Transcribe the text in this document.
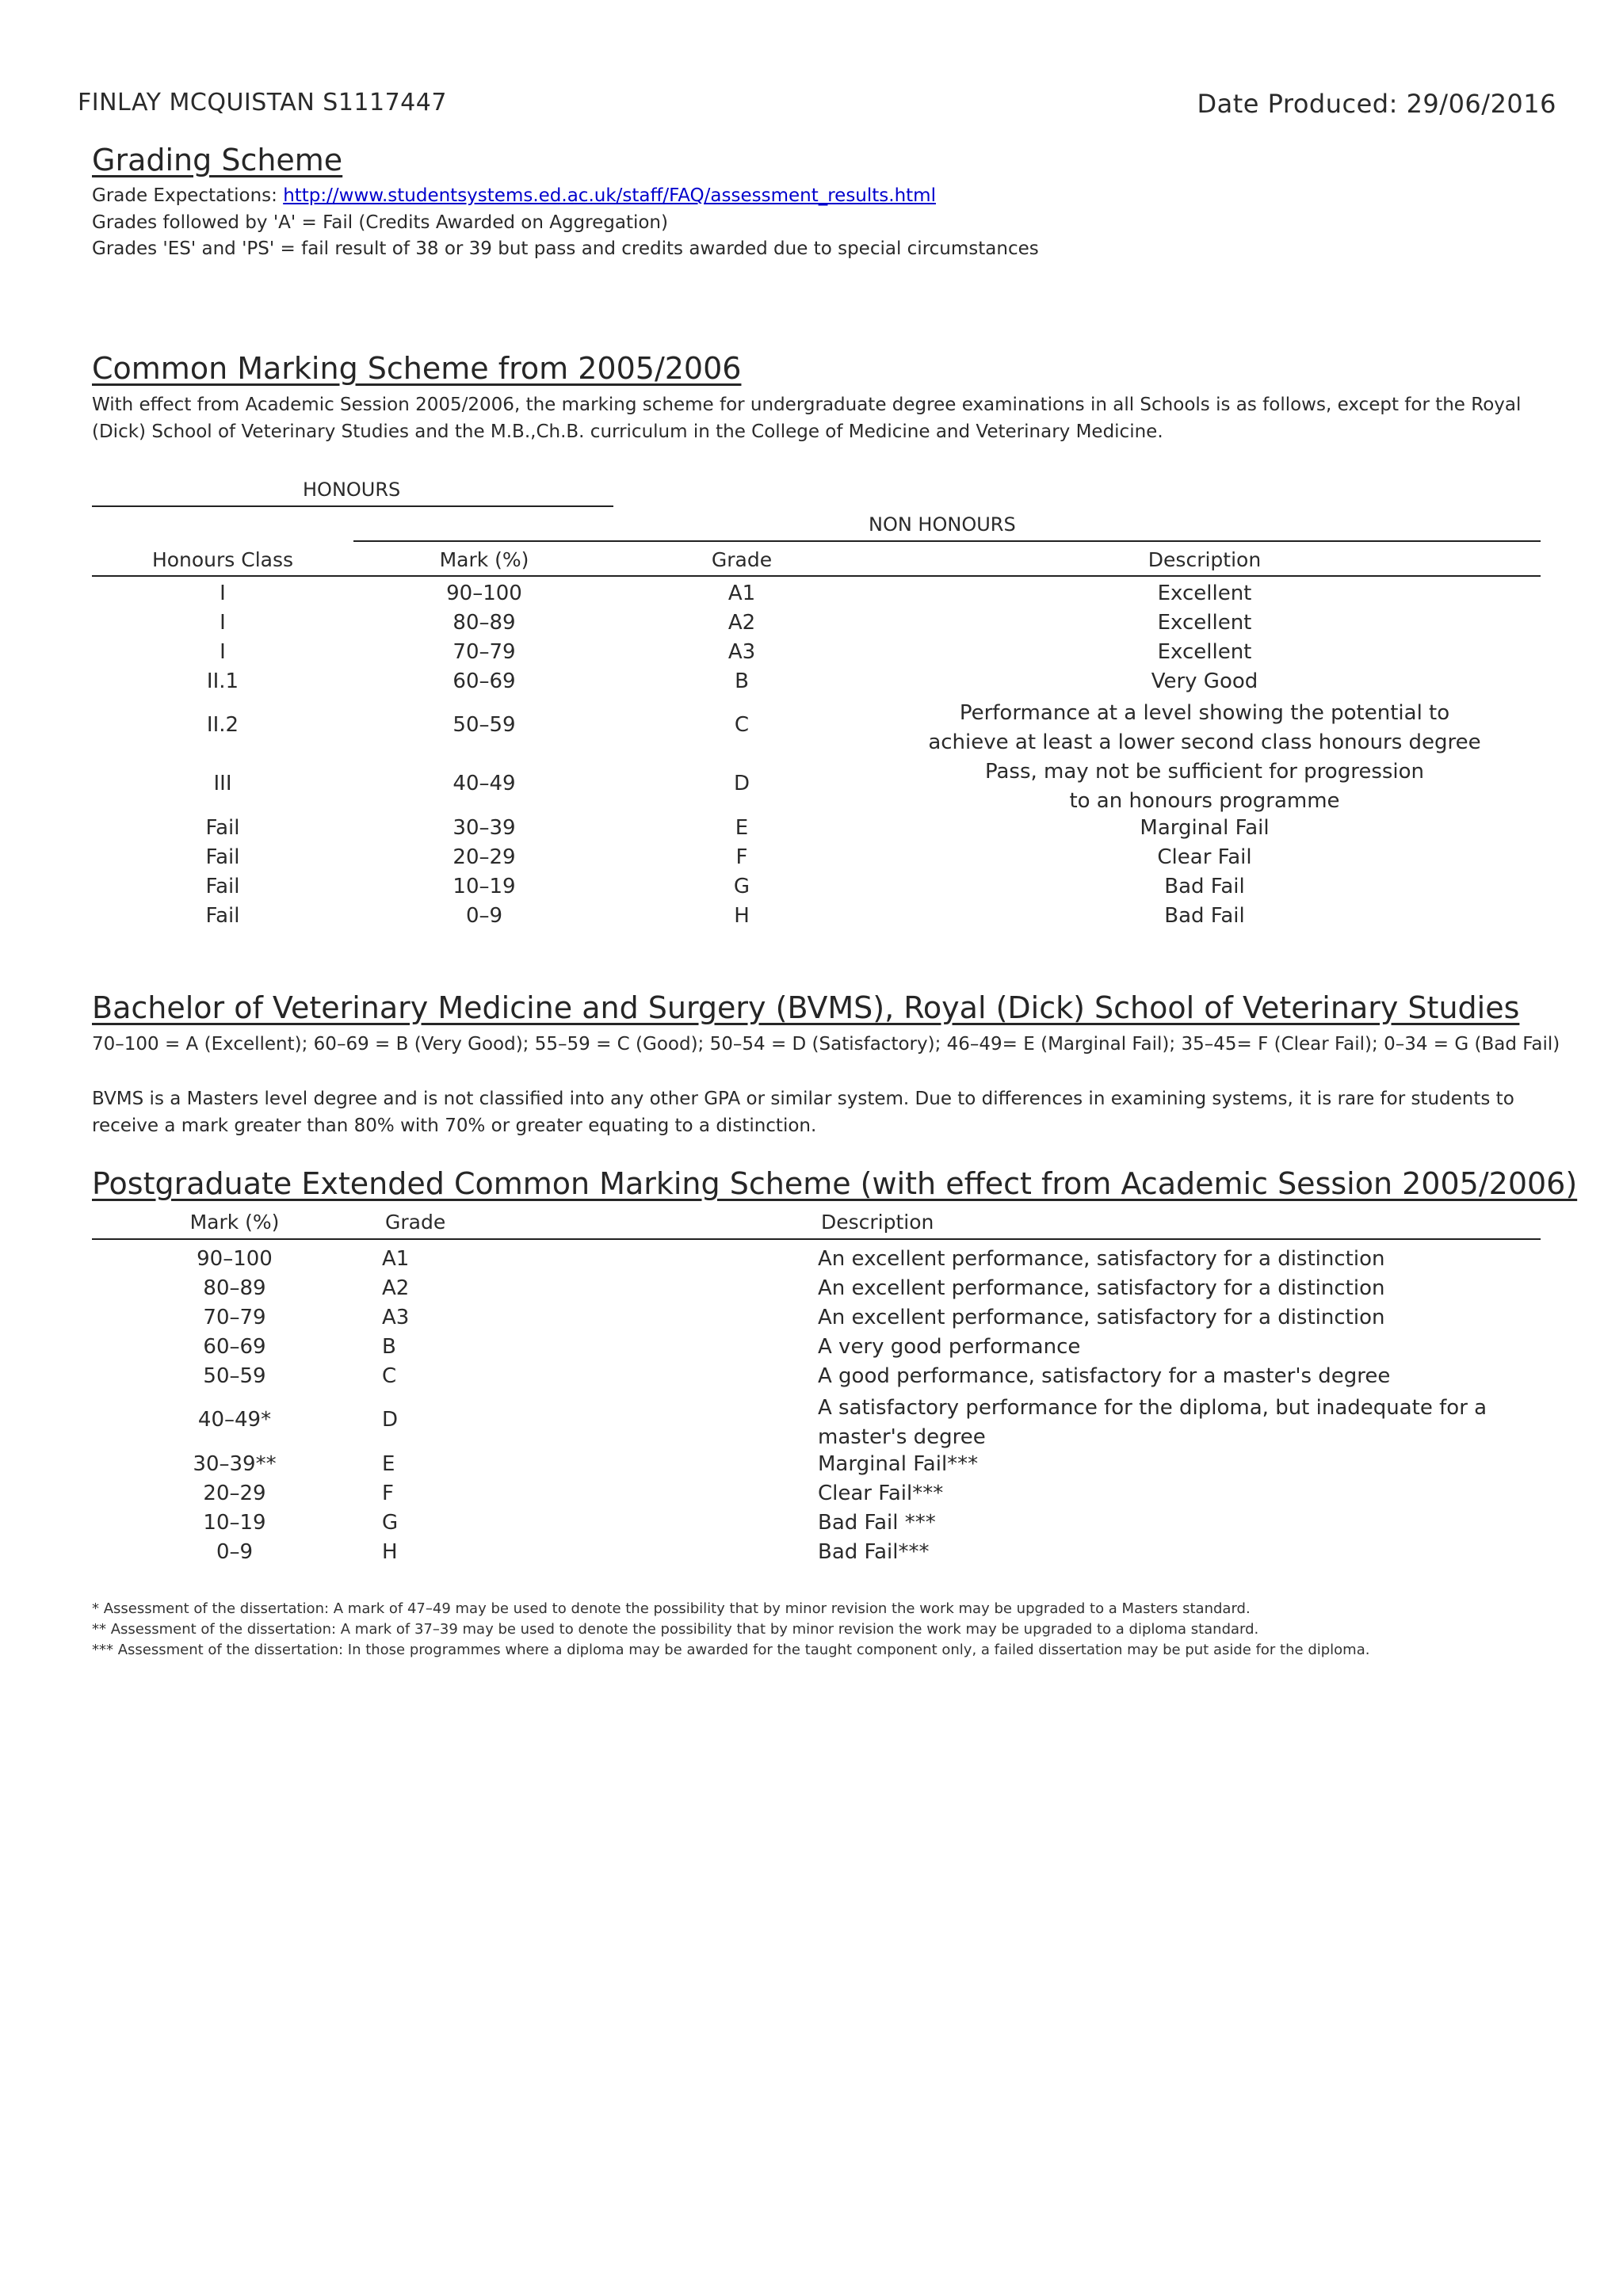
FINLAY MCQUISTAN S1117447	Date Produced: 29/06/2016
Grading Scheme
Grade Expectations: http://www.studentsystems.ed.ac.uk/staff/FAQ/assessment_results.html
Grades followed by 'A' = Fail (Credits Awarded on Aggregation)
Grades 'ES' and 'PS' = fail result of 38 or 39 but pass and credits awarded due to special circumstances
Common Marking Scheme from 2005/2006
With effect from Academic Session 2005/2006, the marking scheme for undergraduate degree examinations in all Schools is as follows, except for the Royal (Dick) School of Veterinary Studies and the M.B.,Ch.B. curriculum in the College of Medicine and Veterinary Medicine.
HONOURS
NON HONOURS
Honours Class	Mark (%)	Grade	Description
I	90–100	A1	Excellent
I	80–89	A2	Excellent
I	70–79	A3	Excellent
II.1	60–69	B	Very Good
II.2	50–59	C	Performance at a level showing the potential to achieve at least a lower second class honours degree
III	40–49	D	Pass, may not be sufficient for progression to an honours programme
Fail	30–39	E	Marginal Fail
Fail	20–29	F	Clear Fail
Fail	10–19	G	Bad Fail
Fail	0–9	H	Bad Fail
Bachelor of Veterinary Medicine and Surgery (BVMS), Royal (Dick) School of Veterinary Studies
70–100 = A (Excellent); 60–69 = B (Very Good); 55–59 = C (Good); 50–54 = D (Satisfactory); 46–49= E (Marginal Fail); 35–45= F (Clear Fail); 0–34 = G (Bad Fail)
BVMS is a Masters level degree and is not classified into any other GPA or similar system. Due to differences in examining systems, it is rare for students to receive a mark greater than 80% with 70% or greater equating to a distinction.
Postgraduate Extended Common Marking Scheme (with effect from Academic Session 2005/2006)
Mark (%)	Grade	Description
90–100	A1	An excellent performance, satisfactory for a distinction
80–89	A2	An excellent performance, satisfactory for a distinction
70–79	A3	An excellent performance, satisfactory for a distinction
60–69	B	A very good performance
50–59	C	A good performance, satisfactory for a master's degree
40–49*	D	A satisfactory performance for the diploma, but inadequate for a master's degree
30–39**	E	Marginal Fail***
20–29	F	Clear Fail***
10–19	G	Bad Fail ***
0–9	H	Bad Fail***
* Assessment of the dissertation: A mark of 47–49 may be used to denote the possibility that by minor revision the work may be upgraded to a Masters standard.
** Assessment of the dissertation: A mark of 37–39 may be used to denote the possibility that by minor revision the work may be upgraded to a diploma standard.
*** Assessment of the dissertation: In those programmes where a diploma may be awarded for the taught component only, a failed dissertation may be put aside for the diploma.
